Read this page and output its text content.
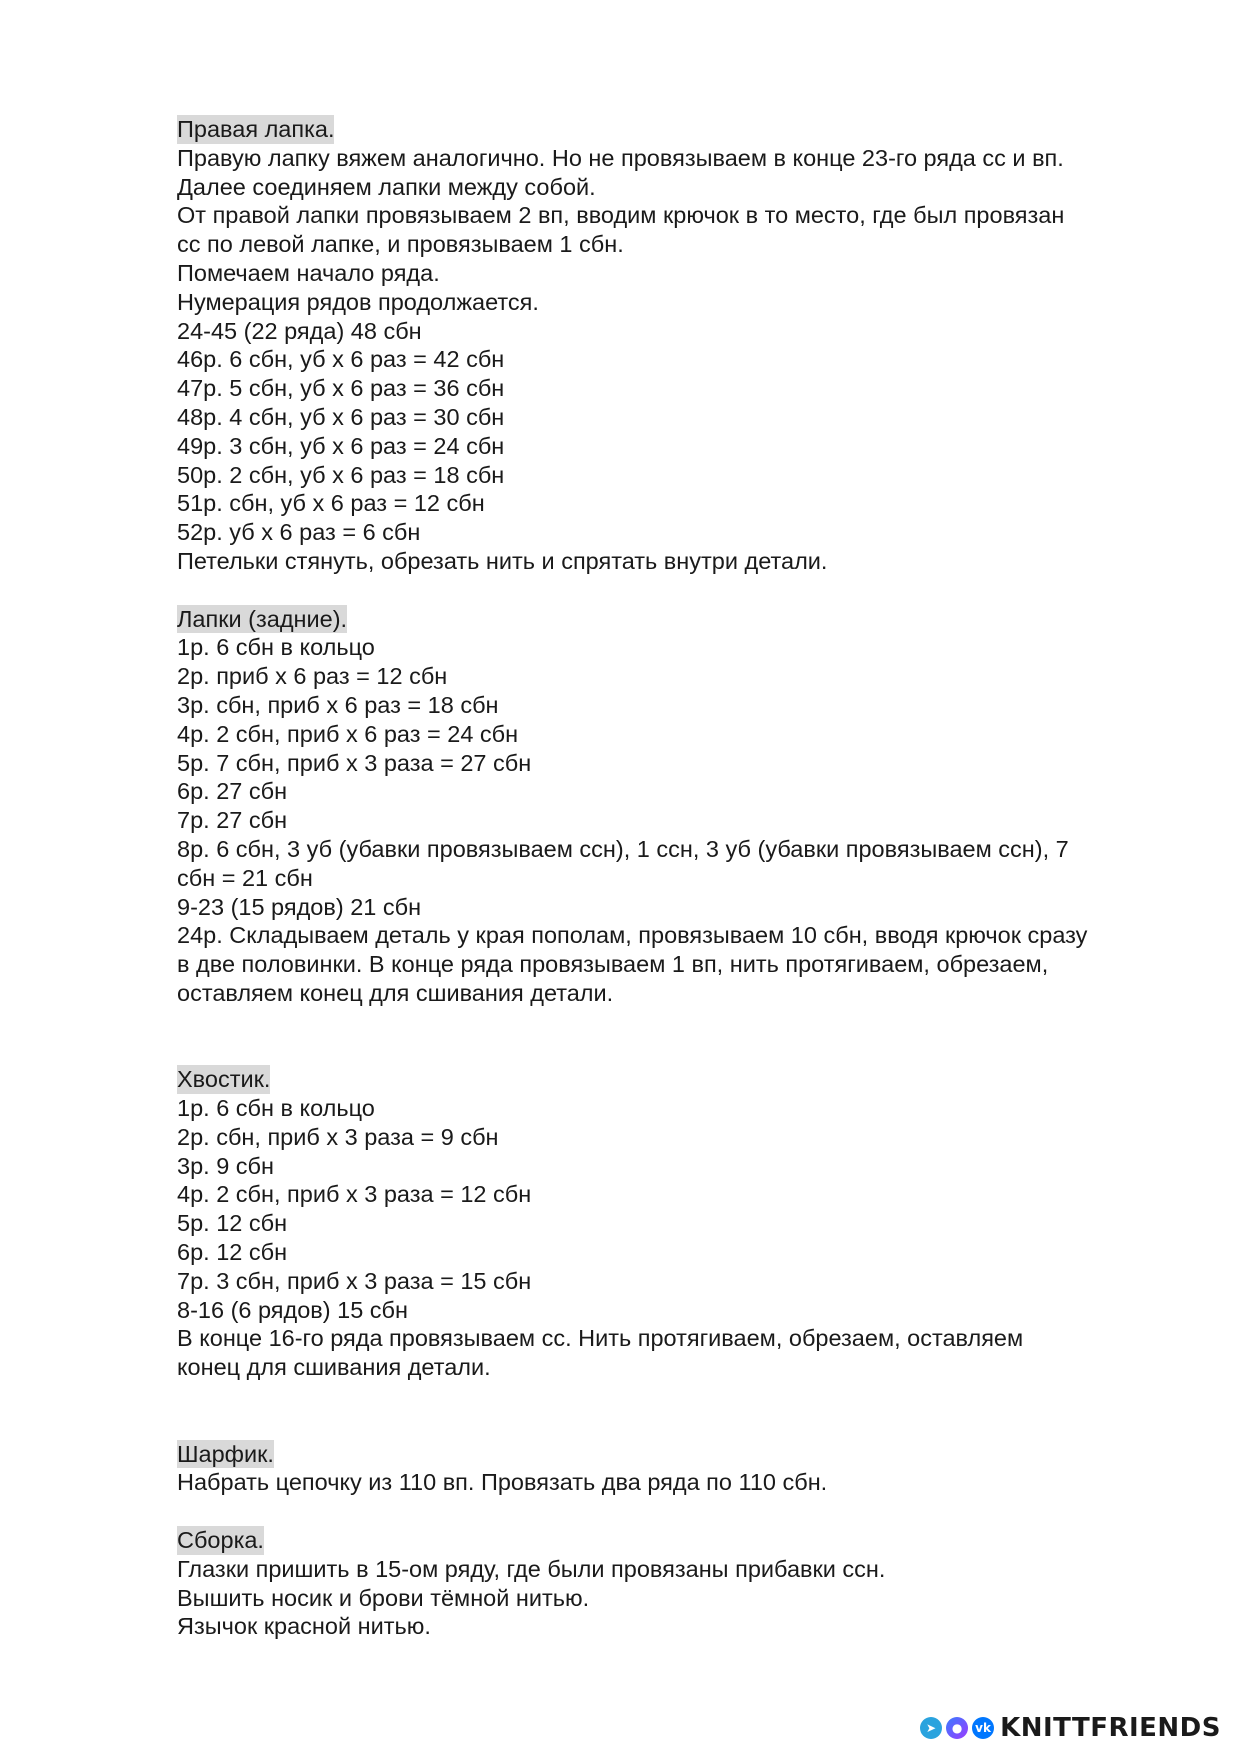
Правая лапка.
Правую лапку вяжем аналогично. Но не провязываем в конце 23-го ряда сс и вп.
Далее соединяем лапки между собой.
От правой лапки провязываем 2 вп, вводим крючок в то место, где был провязан
сс по левой лапке, и провязываем 1 сбн.
Помечаем начало ряда.
Нумерация рядов продолжается.
24-45 (22 ряда) 48 сбн
46р. 6 сбн, уб х 6 раз = 42 сбн
47р. 5 сбн, уб х 6 раз = 36 сбн
48р. 4 сбн, уб х 6 раз = 30 сбн
49р. 3 сбн, уб х 6 раз = 24 сбн
50р. 2 сбн, уб х 6 раз = 18 сбн
51р. сбн, уб х 6 раз = 12 сбн
52р. уб х 6 раз = 6 сбн
Петельки стянуть, обрезать нить и спрятать внутри детали.
Лапки (задние).
1р. 6 сбн в кольцо
2р. приб х 6 раз = 12 сбн
3р. сбн, приб х 6 раз = 18 сбн
4р. 2 сбн, приб х 6 раз = 24 сбн
5р. 7 сбн, приб х 3 раза = 27 сбн
6р. 27 сбн
7р. 27 сбн
8р. 6 сбн, 3 уб (убавки провязываем ссн), 1 ссн, 3 уб (убавки провязываем ссн), 7
сбн = 21 сбн
9-23 (15 рядов) 21 сбн
24р. Складываем деталь у края пополам, провязываем 10 сбн, вводя крючок сразу
в две половинки. В конце ряда провязываем 1 вп, нить протягиваем, обрезаем,
оставляем конец для сшивания детали.
Хвостик.
1р. 6 сбн в кольцо
2р. сбн, приб х 3 раза = 9 сбн
3р. 9 сбн
4р. 2 сбн, приб х 3 раза = 12 сбн
5р. 12 сбн
6р. 12 сбн
7р. 3 сбн, приб х 3 раза = 15 сбн
8-16 (6 рядов) 15 сбн
В конце 16-го ряда провязываем сс. Нить протягиваем, обрезаем, оставляем
конец для сшивания детали.
Шарфик.
Набрать цепочку из 110 вп. Провязать два ряда по 110 сбн.
Сборка.
Глазки пришить в 15-ом ряду, где были провязаны прибавки ссн.
Вышить носик и брови тёмной нитью.
Язычок красной нитью.
➤	●	vk KNITTFRIENDS
